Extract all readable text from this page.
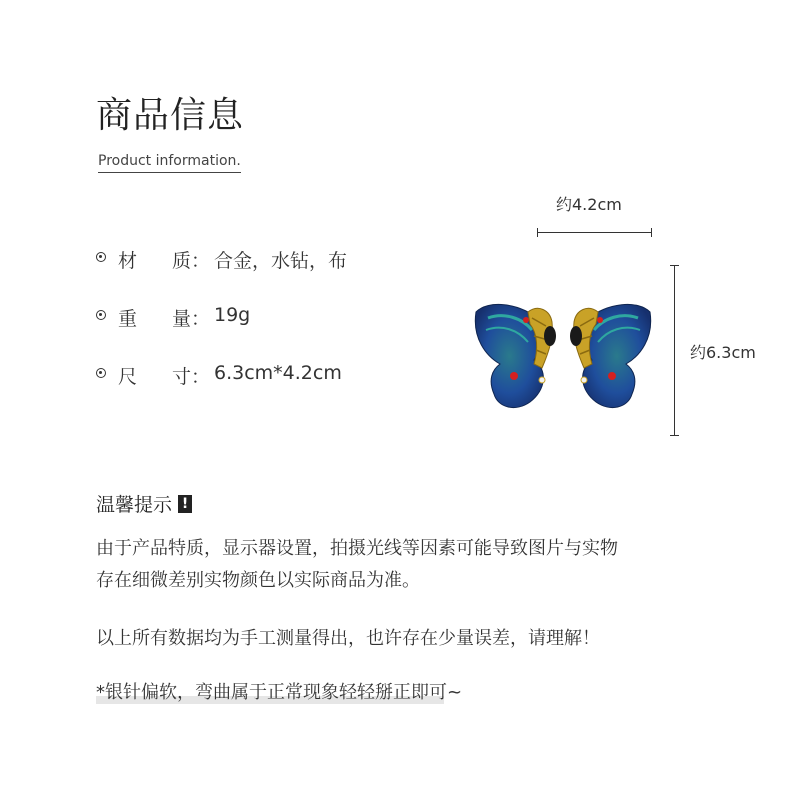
商品信息
Product information.
材 质： 合金，水钻，布
重 量： 19g
尺 寸： 6.3cm*4.2cm
约4.2cm
约6.3cm
温馨提示 !
由于产品特质，显示器设置，拍摄光线等因素可能导致图片与实物
存在细微差别实物颜色以实际商品为准。
以上所有数据均为手工测量得出，也许存在少量误差，请理解！
*银针偏软，弯曲属于正常现象轻轻掰正即可~
